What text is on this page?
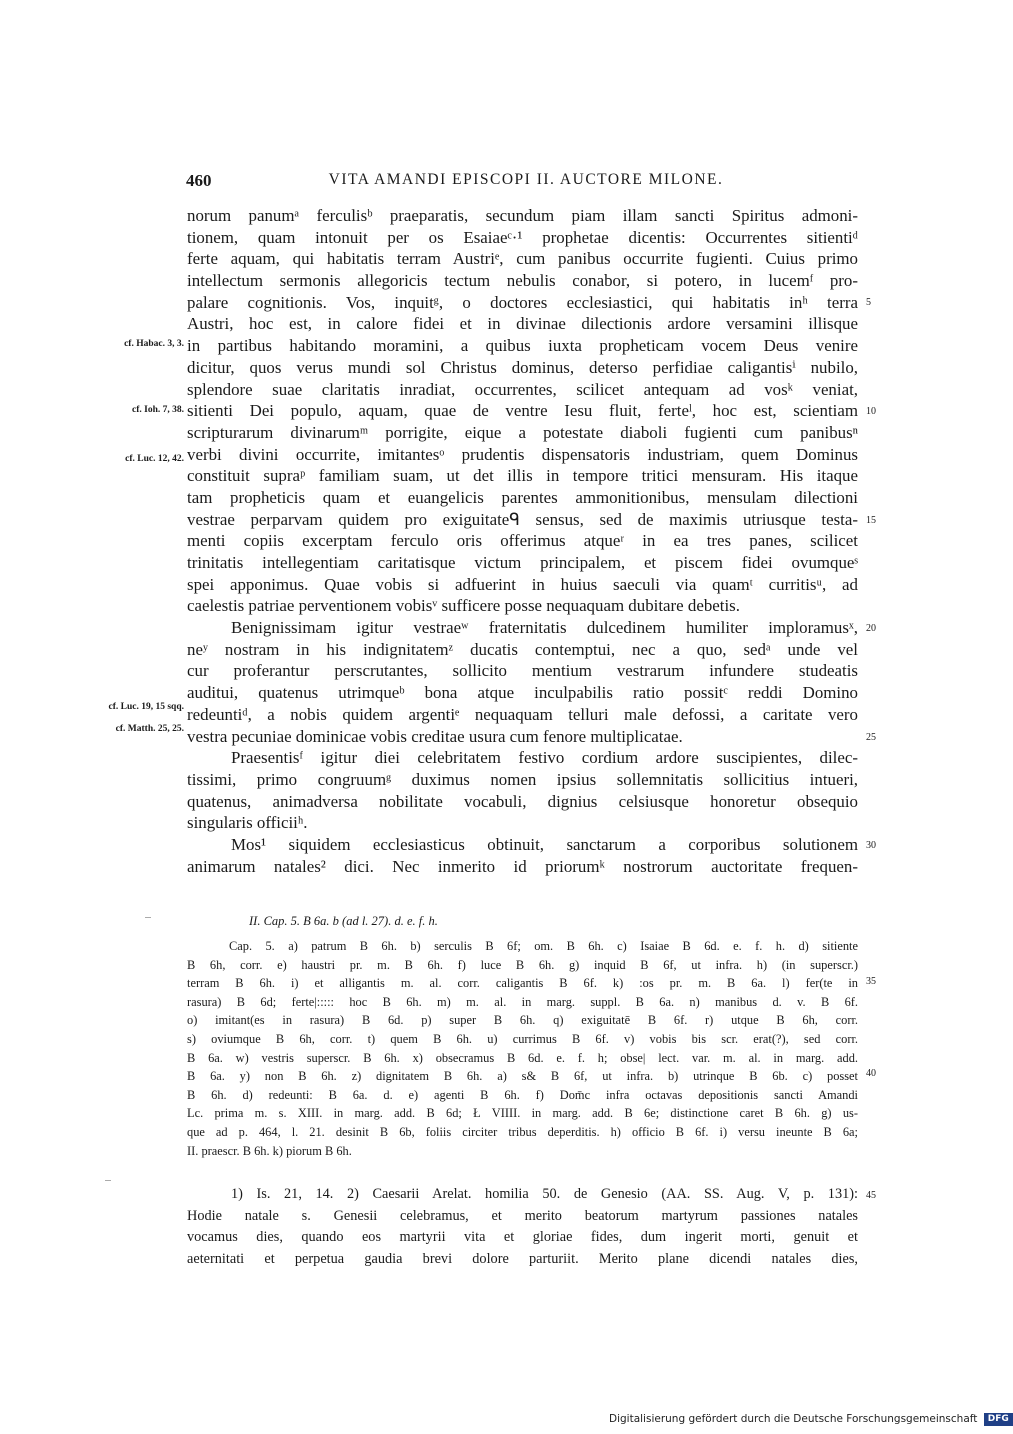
460	VITA AMANDI EPISCOPI II. AUCTORE MILONE.
cf. Habac. 3, 3.
cf. Ioh. 7, 38.
cf. Luc. 12, 42.
cf. Luc. 19, 15 sqq.
cf. Matth. 25, 25.
norum panumᵃ ferculisᵇ praeparatis, secundum piam illam sancti Spiritus admoni-
tionem, quam intonuit per os Esaiaeᶜ·¹ prophetae dicentis: Occurrentes sitientiᵈ
ferte aquam, qui habitatis terram Austriᵉ, cum panibus occurrite fugienti. Cuius primo
intellectum sermonis allegoricis tectum nebulis conabor, si potero, in lucemᶠ pro-
palare cognitionis. Vos, inquitᵍ, o doctores ecclesiastici, qui habitatis inʰ terra
Austri, hoc est, in calore fidei et in divinae dilectionis ardore versamini illisque
in partibus habitando moramini, a quibus iuxta propheticam vocem Deus venire
dicitur, quos verus mundi sol Christus dominus, deterso perfidiae caligantisⁱ nubilo,
splendore suae claritatis inradiat, occurrentes, scilicet antequam ad vosᵏ veniat,
sitienti Dei populo, aquam, quae de ventre Iesu fluit, ferteˡ, hoc est, scientiam
scripturarum divinarumᵐ porrigite, eique a potestate diaboli fugienti cum panibusⁿ
verbi divini occurrite, imitantesᵒ prudentis dispensatoris industriam, quem Dominus
constituit supraᵖ familiam suam, ut det illis in tempore tritici mensuram. His itaque
tam propheticis quam et euangelicis parentes ammonitionibus, mensulam dilectioni
vestrae perparvam quidem pro exiguitateᑫ sensus, sed de maximis utriusque testa-
menti copiis excerptam ferculo oris offerimus atqueʳ in ea tres panes, scilicet
trinitatis intellegentiam caritatisque victum principalem, et piscem fidei ovumqueˢ
spei apponimus. Quae vobis si adfuerint in huius saeculi via quamᵗ curritisᵘ, ad
caelestis patriae perventionem vobisᵛ sufficere posse nequaquam dubitare debetis.
Benignissimam igitur vestraeʷ fraternitatis dulcedinem humiliter imploramusˣ,
neʸ nostram in his indignitatemᶻ ducatis contemptui, nec a quo, sedᵃ unde vel
cur proferantur perscrutantes, sollicito mentium vestrarum infundere studeatis
auditui, quatenus utrimqueᵇ bona atque inculpabilis ratio possitᶜ reddi Domino
redeuntiᵈ, a nobis quidem argentiᵉ nequaquam telluri male defossi, a caritate vero
vestra pecuniae dominicae vobis creditae usura cum fenore multiplicatae.
Praesentisᶠ igitur diei celebritatem festivo cordium ardore suscipientes, dilec-
tissimi, primo congruumᵍ duximus nomen ipsius sollemnitatis sollicitius intueri,
quatenus, animadversa nobilitate vocabuli, dignius celsiusque honoretur obsequio
singularis officiiʰ.
Mos¹ siquidem ecclesiasticus obtinuit, sanctarum a corporibus solutionem
animarum natales² dici. Nec inmerito id priorumᵏ nostrorum auctoritate frequen-
5
10
15
20
25
30
II. Cap. 5. B 6a. b (ad l. 27). d. e. f. h.
Cap. 5. a) patrum B 6h. b) serculis B 6f; om. B 6h. c) Isaiae B 6d. e. f. h. d) sitiente
B 6h, corr. e) haustri pr. m. B 6h. f) luce B 6h. g) inquid B 6f, ut infra. h) (in superscr.)
terram B 6h. i) et alligantis m. al. corr. caligantis B 6f. k) :os pr. m. B 6a. l) fer(te in
rasura) B 6d; ferte|::::: hoc B 6h. m) m. al. in marg. suppl. B 6a. n) manibus d. v. B 6f.
o) imitant(es in rasura) B 6d. p) super B 6h. q) exiguitatē B 6f. r) utque B 6h, corr.
s) oviumque B 6h, corr. t) quem B 6h. u) currimus B 6f. v) vobis bis scr. erat(?), sed corr.
B 6a. w) vestris superscr. B 6h. x) obsecramus B 6d. e. f. h; obse| lect. var. m. al. in marg. add.
B 6a. y) non B 6h. z) dignitatem B 6h. a) s& B 6f, ut infra. b) utrinque B 6b. c) posset
B 6h. d) redeunti: B 6a. d. e) agenti B 6h. f) Dom̄c infra octavas depositionis sancti Amandi
Lc. prima m. s. XIII. in marg. add. B 6d; Ł VIIII. in marg. add. B 6e; distinctione caret B 6h. g) us-
que ad p. 464, l. 21. desinit B 6b, foliis circiter tribus deperditis. h) officio B 6f. i) versu ineunte B 6a;
II. praescr. B 6h. k) piorum B 6h.
35
40
1) Is. 21, 14. 2) Caesarii Arelat. homilia 50. de Genesio (AA. SS. Aug. V, p. 131):
Hodie natale s. Genesii celebramus, et merito beatorum martyrum passiones natales
vocamus dies, quando eos martyrii vita et gloriae fides, dum ingerit morti, genuit et
aeternitati et perpetua gaudia brevi dolore parturiit. Merito plane dicendi natales dies,
45
Digitalisierung gefördert durch die Deutsche Forschungsgemeinschaft DFG
